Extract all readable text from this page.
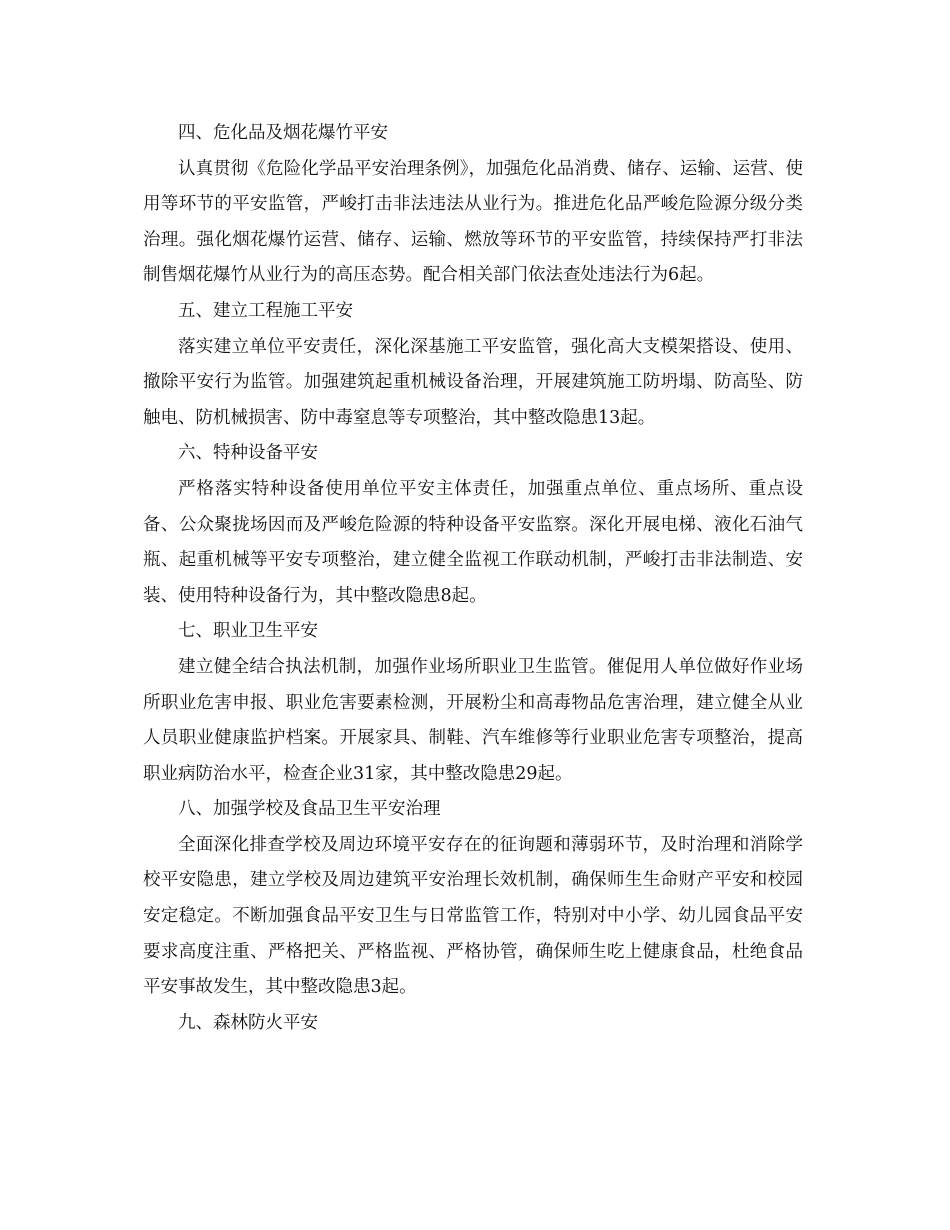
四、危化品及烟花爆竹平安

认真贯彻《危险化学品平安治理条例》，加强危化品消费、储存、运输、运营、使用等环节的平安监管，严峻打击非法违法从业行为。推进危化品严峻危险源分级分类治理。强化烟花爆竹运营、储存、运输、燃放等环节的平安监管，持续保持严打非法制售烟花爆竹从业行为的高压态势。配合相关部门依法查处违法行为6起。

五、建立工程施工平安

落实建立单位平安责任，深化深基施工平安监管，强化高大支模架搭设、使用、撤除平安行为监管。加强建筑起重机械设备治理，开展建筑施工防坍塌、防高坠、防触电、防机械损害、防中毒窒息等专项整治，其中整改隐患13起。

六、特种设备平安

严格落实特种设备使用单位平安主体责任，加强重点单位、重点场所、重点设备、公众聚拢场因而及严峻危险源的特种设备平安监察。深化开展电梯、液化石油气瓶、起重机械等平安专项整治，建立健全监视工作联动机制，严峻打击非法制造、安装、使用特种设备行为，其中整改隐患8起。

七、职业卫生平安

建立健全结合执法机制，加强作业场所职业卫生监管。催促用人单位做好作业场所职业危害申报、职业危害要素检测，开展粉尘和高毒物品危害治理，建立健全从业人员职业健康监护档案。开展家具、制鞋、汽车维修等行业职业危害专项整治，提高职业病防治水平，检查企业31家，其中整改隐患29起。

八、加强学校及食品卫生平安治理

全面深化排查学校及周边环境平安存在的征询题和薄弱环节，及时治理和消除学校平安隐患，建立学校及周边建筑平安治理长效机制，确保师生生命财产平安和校园安定稳定。不断加强食品平安卫生与日常监管工作，特别对中小学、幼儿园食品平安要求高度注重、严格把关、严格监视、严格协管，确保师生吃上健康食品，杜绝食品平安事故发生，其中整改隐患3起。

九、森林防火平安
